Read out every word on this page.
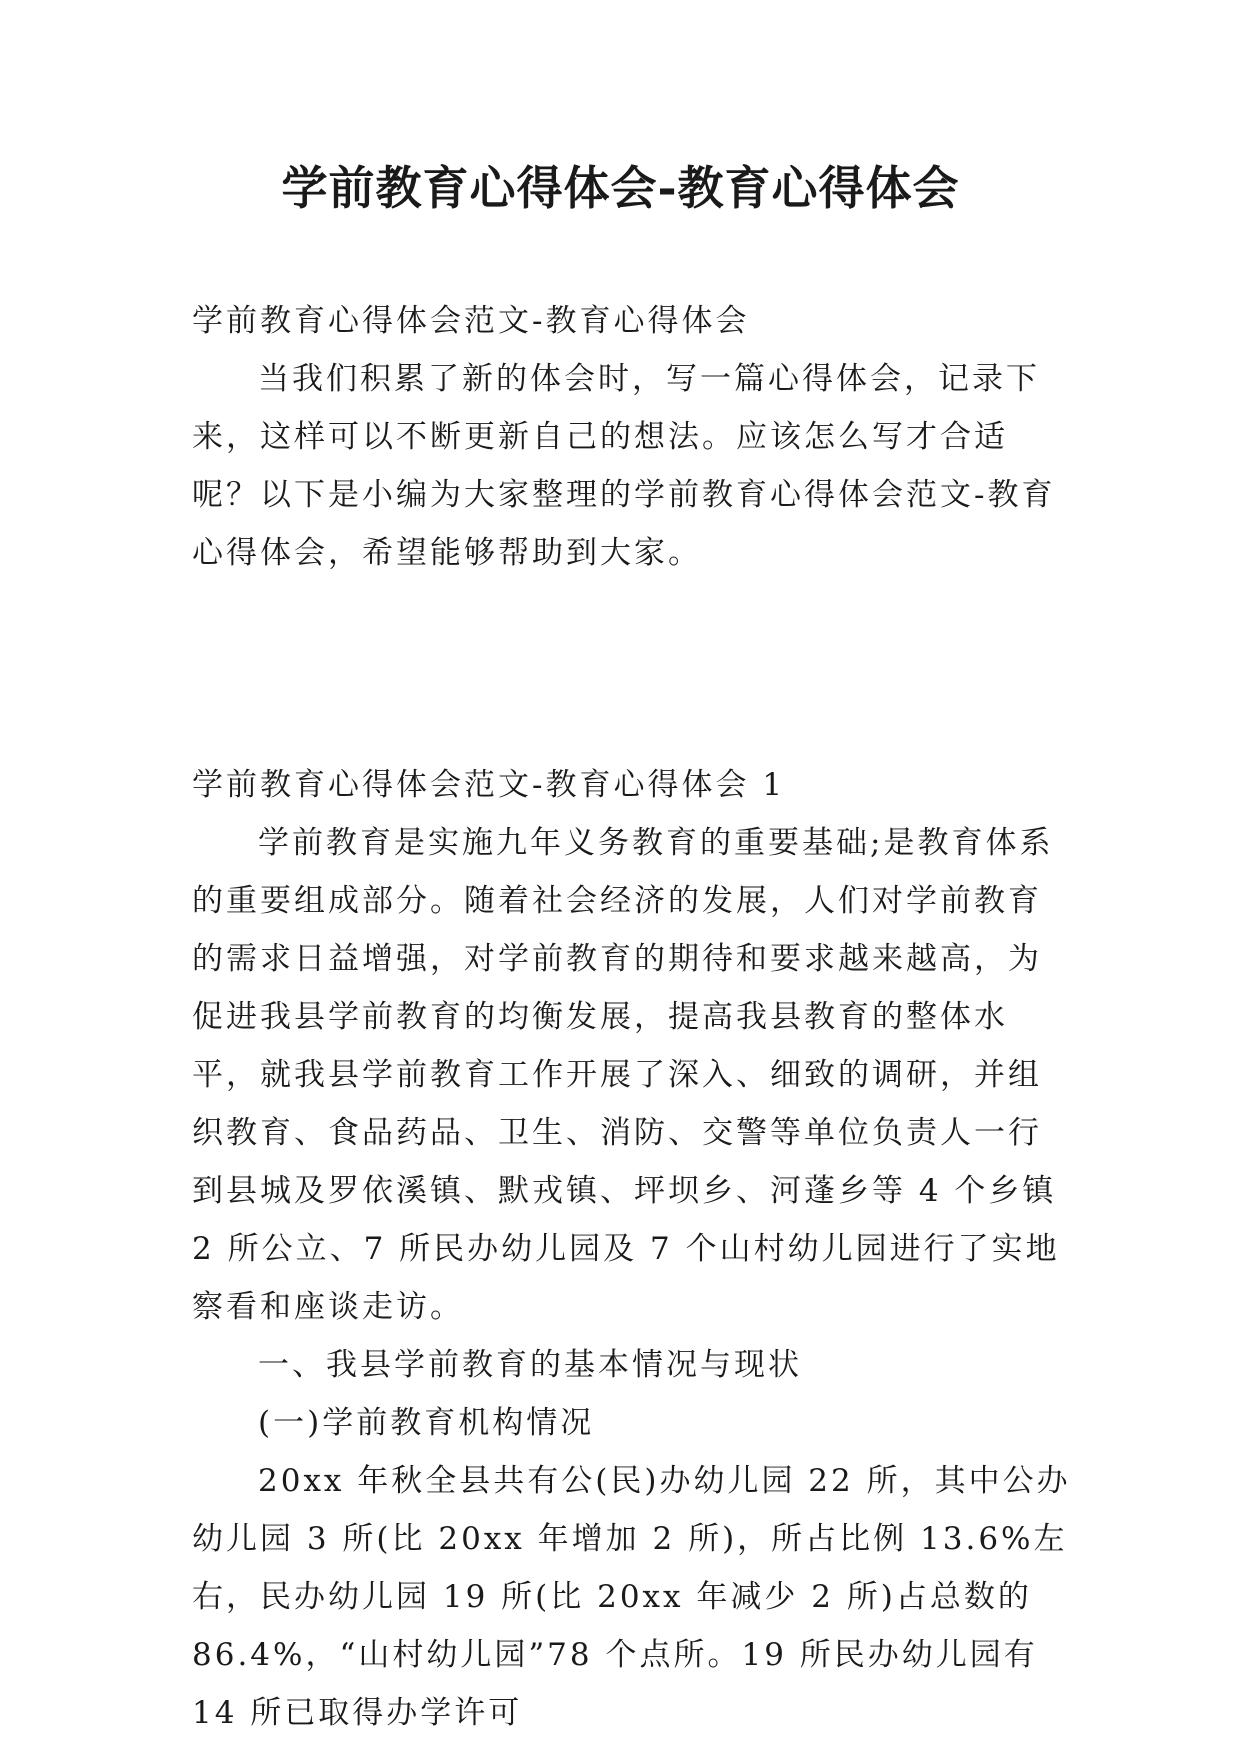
学前教育心得体会-教育心得体会

学前教育心得体会范文-教育心得体会

当我们积累了新的体会时，写一篇心得体会，记录下来，这样可以不断更新自己的想法。应该怎么写才合适呢？以下是小编为大家整理的学前教育心得体会范文-教育心得体会，希望能够帮助到大家。

学前教育心得体会范文-教育心得体会 1

学前教育是实施九年义务教育的重要基础;是教育体系的重要组成部分。随着社会经济的发展，人们对学前教育的需求日益增强，对学前教育的期待和要求越来越高，为促进我县学前教育的均衡发展，提高我县教育的整体水平，就我县学前教育工作开展了深入、细致的调研，并组织教育、食品药品、卫生、消防、交警等单位负责人一行到县城及罗依溪镇、默戎镇、坪坝乡、河蓬乡等 4 个乡镇 2 所公立、7 所民办幼儿园及 7 个山村幼儿园进行了实地察看和座谈走访。

一、我县学前教育的基本情况与现状

(一)学前教育机构情况

20xx 年秋全县共有公(民)办幼儿园 22 所，其中公办幼儿园 3 所(比 20xx 年增加 2 所)，所占比例 13.6%左右，民办幼儿园 19 所(比 20xx 年减少 2 所)占总数的 86.4%，“山村幼儿园”78 个点所。19 所民办幼儿园有 14 所已取得办学许可
